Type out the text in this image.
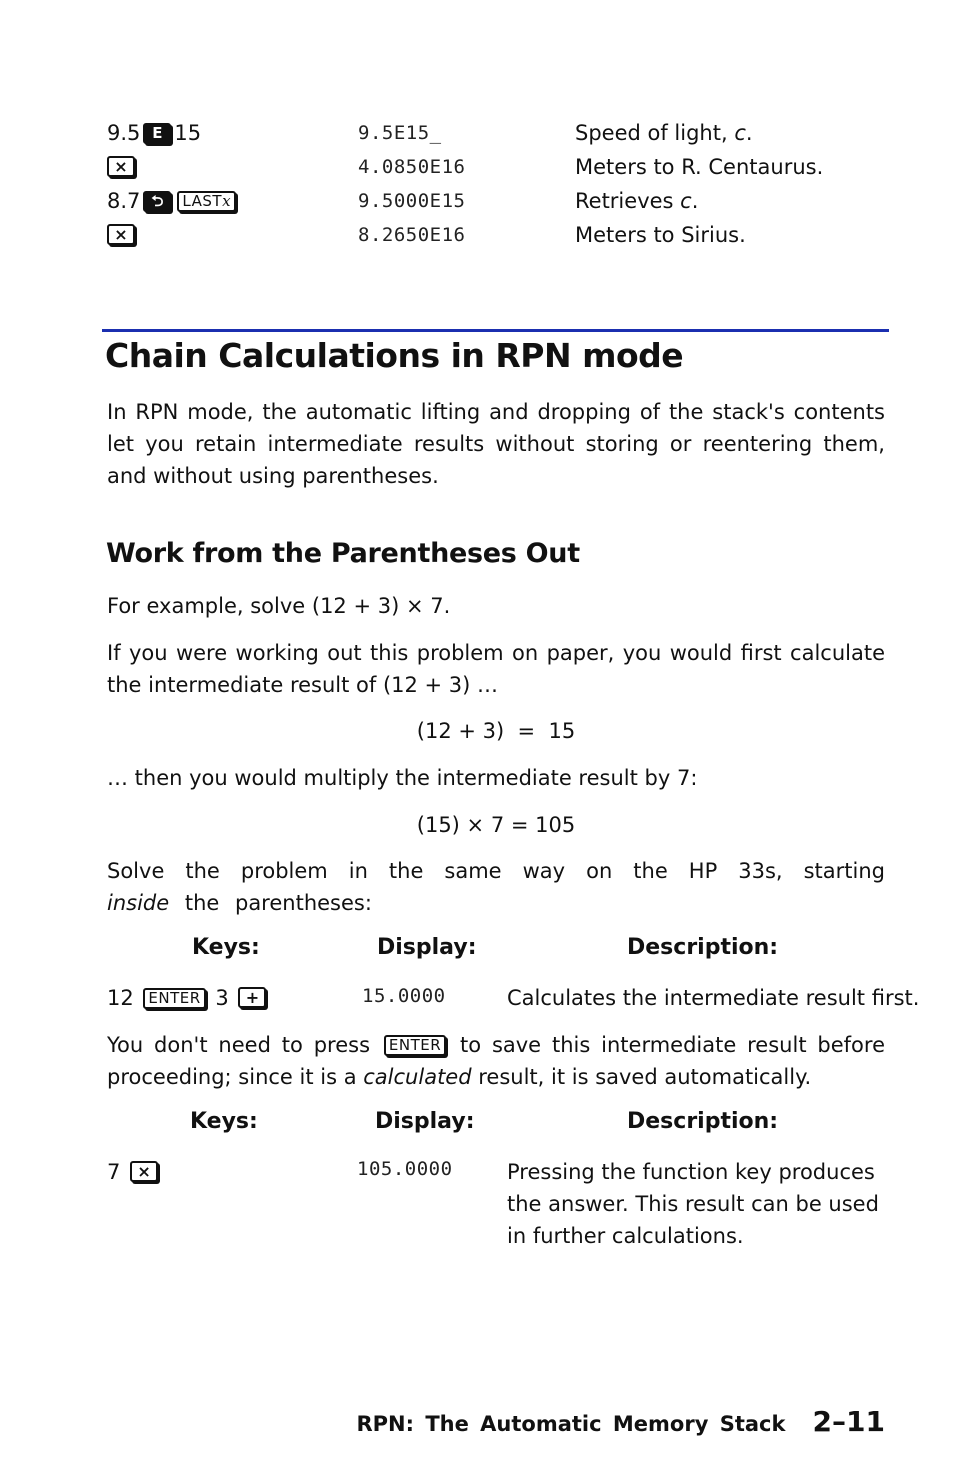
9.5 E 15	9.5E15_	Speed of light, c.
×	4.0850E16	Meters to R. Centaurus.
8.7 ⮌ LASTx	9.5000E15	Retrieves c.
×	8.2650E16	Meters to Sirius.
Chain Calculations in RPN mode
In RPN mode, the automatic lifting and dropping of the stack's contents let you retain intermediate results without storing or reentering them, and without using parentheses.
Work from the Parentheses Out
For example, solve (12 + 3) × 7.
If you were working out this problem on paper, you would first calculate the intermediate result of (12 + 3) …
(12 + 3)  =  15
… then you would multiply the intermediate result by 7:
(15) × 7 = 105
Solve the problem in the same way on the HP 33s, starting inside the parentheses:
Keys:	Display:	Description:
12 ENTER 3 +	15.0000	Calculates the intermediate result first.
You don't need to press ENTER to save this intermediate result before proceeding; since it is a calculated result, it is saved automatically.
Keys:	Display:	Description:
7 ×	105.0000	Pressing the function key produces the answer. This result can be used in further calculations.
RPN: The Automatic Memory Stack 2–11
